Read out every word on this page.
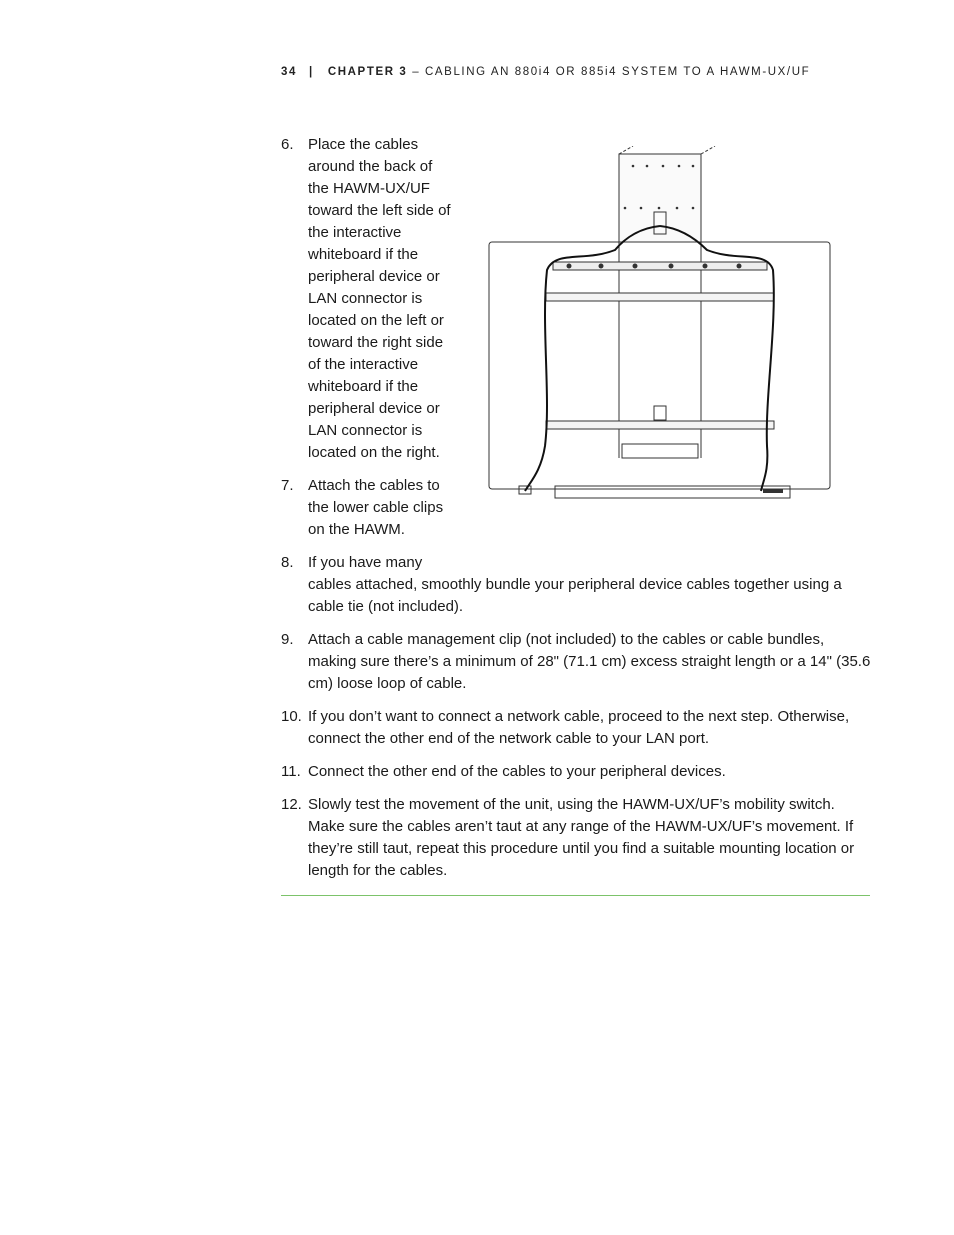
34 | CHAPTER 3 – CABLING AN 880i4 OR 885i4 SYSTEM TO A HAWM-UX/UF
6. Place the cables around the back of the HAWM-UX/UF toward the left side of the interactive whiteboard if the peripheral device or LAN connector is located on the left or toward the right side of the interactive whiteboard if the peripheral device or LAN connector is located on the right.
7. Attach the cables to the lower cable clips on the HAWM.
8. If you have many
cables attached, smoothly bundle your peripheral device cables together using a cable tie (not included).
9. Attach a cable management clip (not included) to the cables or cable bundles, making sure there’s a minimum of 28" (71.1 cm) excess straight length or a 14" (35.6 cm) loose loop of cable.
10. If you don’t want to connect a network cable, proceed to the next step. Otherwise, connect the other end of the network cable to your LAN port.
11. Connect the other end of the cables to your peripheral devices.
12. Slowly test the movement of the unit, using the HAWM-UX/UF’s mobility switch. Make sure the cables aren’t taut at any range of the HAWM-UX/UF’s movement. If they’re still taut, repeat this procedure until you find a suitable mounting location or length for the cables.
